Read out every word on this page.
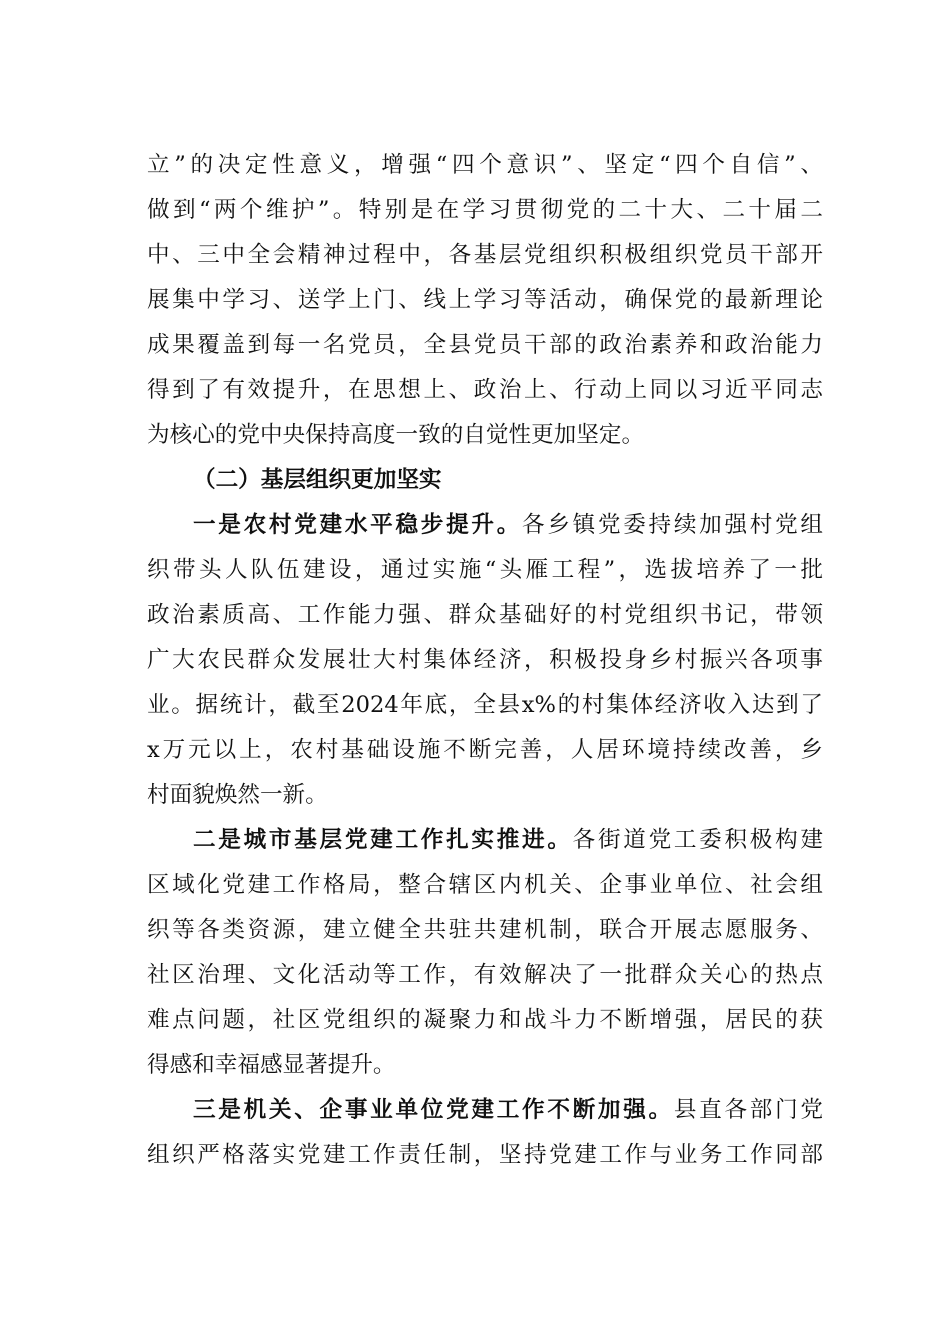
立”的决定性意义，增强“四个意识”、坚定“四个自信”、
做到“两个维护”。特别是在学习贯彻党的二十大、二十届二
中、三中全会精神过程中，各基层党组织积极组织党员干部开
展集中学习、送学上门、线上学习等活动，确保党的最新理论
成果覆盖到每一名党员，全县党员干部的政治素养和政治能力
得到了有效提升，在思想上、政治上、行动上同以习近平同志
为核心的党中央保持高度一致的自觉性更加坚定。
（二）基层组织更加坚实
一是农村党建水平稳步提升。各乡镇党委持续加强村党组
织带头人队伍建设，通过实施“头雁工程”，选拔培养了一批
政治素质高、工作能力强、群众基础好的村党组织书记，带领
广大农民群众发展壮大村集体经济，积极投身乡村振兴各项事
业。据统计，截至2024年底，全县x%的村集体经济收入达到了
x万元以上，农村基础设施不断完善，人居环境持续改善，乡
村面貌焕然一新。
二是城市基层党建工作扎实推进。各街道党工委积极构建
区域化党建工作格局，整合辖区内机关、企事业单位、社会组
织等各类资源，建立健全共驻共建机制，联合开展志愿服务、
社区治理、文化活动等工作，有效解决了一批群众关心的热点
难点问题，社区党组织的凝聚力和战斗力不断增强，居民的获
得感和幸福感显著提升。
三是机关、企事业单位党建工作不断加强。县直各部门党
组织严格落实党建工作责任制，坚持党建工作与业务工作同部
